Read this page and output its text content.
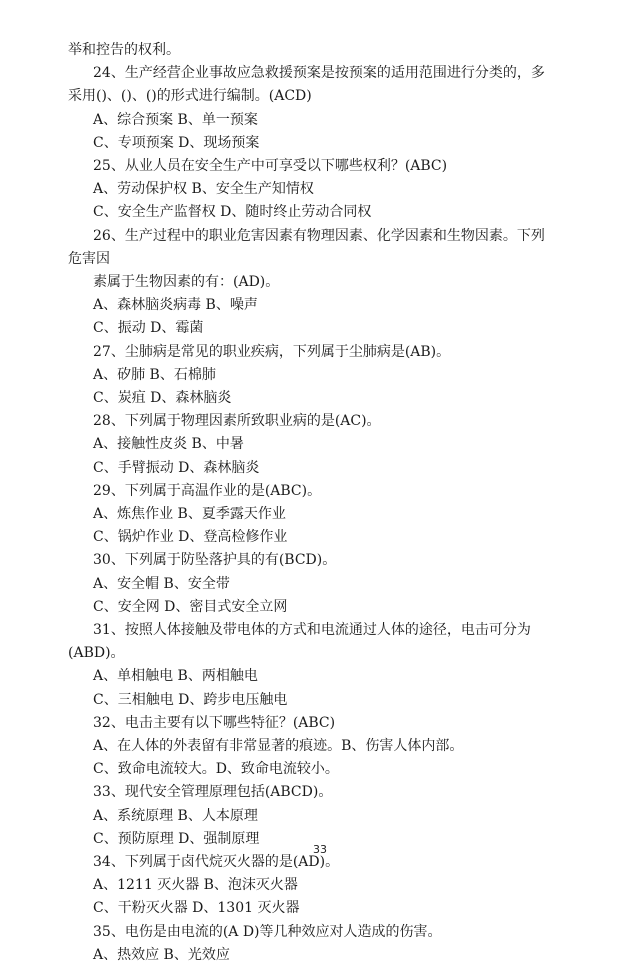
举和控告的权利。
24、生产经营企业事故应急救援预案是按预案的适用范围进行分类的，多
采用()、()、()的形式进行编制。(ACD)
A、综合预案 B、单一预案
C、专项预案 D、现场预案
25、从业人员在安全生产中可享受以下哪些权利？(ABC)
A、劳动保护权 B、安全生产知情权
C、安全生产监督权 D、随时终止劳动合同权
26、生产过程中的职业危害因素有物理因素、化学因素和生物因素。下列
危害因
素属于生物因素的有：(AD)。
A、森林脑炎病毒 B、噪声
C、振动 D、霉菌
27、尘肺病是常见的职业疾病，下列属于尘肺病是(AB)。
A、矽肺 B、石棉肺
C、炭疽 D、森林脑炎
28、下列属于物理因素所致职业病的是(AC)。
A、接触性皮炎 B、中暑
C、手臂振动 D、森林脑炎
29、下列属于高温作业的是(ABC)。
A、炼焦作业 B、夏季露天作业
C、锅炉作业 D、登高检修作业
30、下列属于防坠落护具的有(BCD)。
A、安全帽 B、安全带
C、安全网 D、密目式安全立网
31、按照人体接触及带电体的方式和电流通过人体的途径，电击可分为
(ABD)。
A、单相触电 B、两相触电
C、三相触电 D、跨步电压触电
32、电击主要有以下哪些特征？(ABC)
A、在人体的外表留有非常显著的痕迹。B、伤害人体内部。
C、致命电流较大。D、致命电流较小。
33、现代安全管理原理包括(ABCD)。
A、系统原理 B、人本原理
C、预防原理 D、强制原理
34、下列属于卤代烷灭火器的是(AD)。
A、1211 灭火器 B、泡沫灭火器
C、干粉灭火器 D、1301 灭火器
35、电伤是由电流的(A D)等几种效应对人造成的伤害。
A、热效应 B、光效应
33
